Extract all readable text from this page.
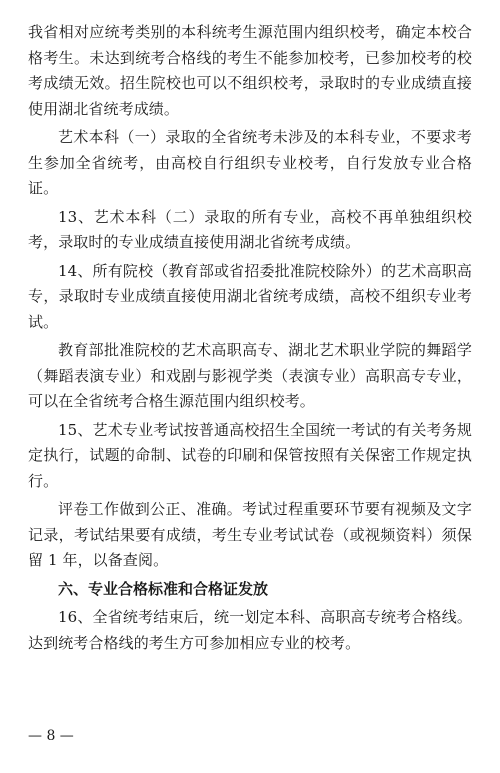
我省相对应统考类别的本科统考生源范围内组织校考，确定本校合格考生。未达到统考合格线的考生不能参加校考，已参加校考的校考成绩无效。招生院校也可以不组织校考，录取时的专业成绩直接使用湖北省统考成绩。

艺术本科（一）录取的全省统考未涉及的本科专业，不要求考生参加全省统考，由高校自行组织专业校考，自行发放专业合格证。

13、艺术本科（二）录取的所有专业，高校不再单独组织校考，录取时的专业成绩直接使用湖北省统考成绩。

14、所有院校（教育部或省招委批准院校除外）的艺术高职高专，录取时专业成绩直接使用湖北省统考成绩，高校不组织专业考试。

教育部批准院校的艺术高职高专、湖北艺术职业学院的舞蹈学（舞蹈表演专业）和戏剧与影视学类（表演专业）高职高专专业，可以在全省统考合格生源范围内组织校考。

15、艺术专业考试按普通高校招生全国统一考试的有关考务规定执行，试题的命制、试卷的印刷和保管按照有关保密工作规定执行。

评卷工作做到公正、准确。考试过程重要环节要有视频及文字记录，考试结果要有成绩，考生专业考试试卷（或视频资料）须保留 1 年，以备查阅。

六、专业合格标准和合格证发放

16、全省统考结束后，统一划定本科、高职高专统考合格线。达到统考合格线的考生方可参加相应专业的校考。

— 8 —
